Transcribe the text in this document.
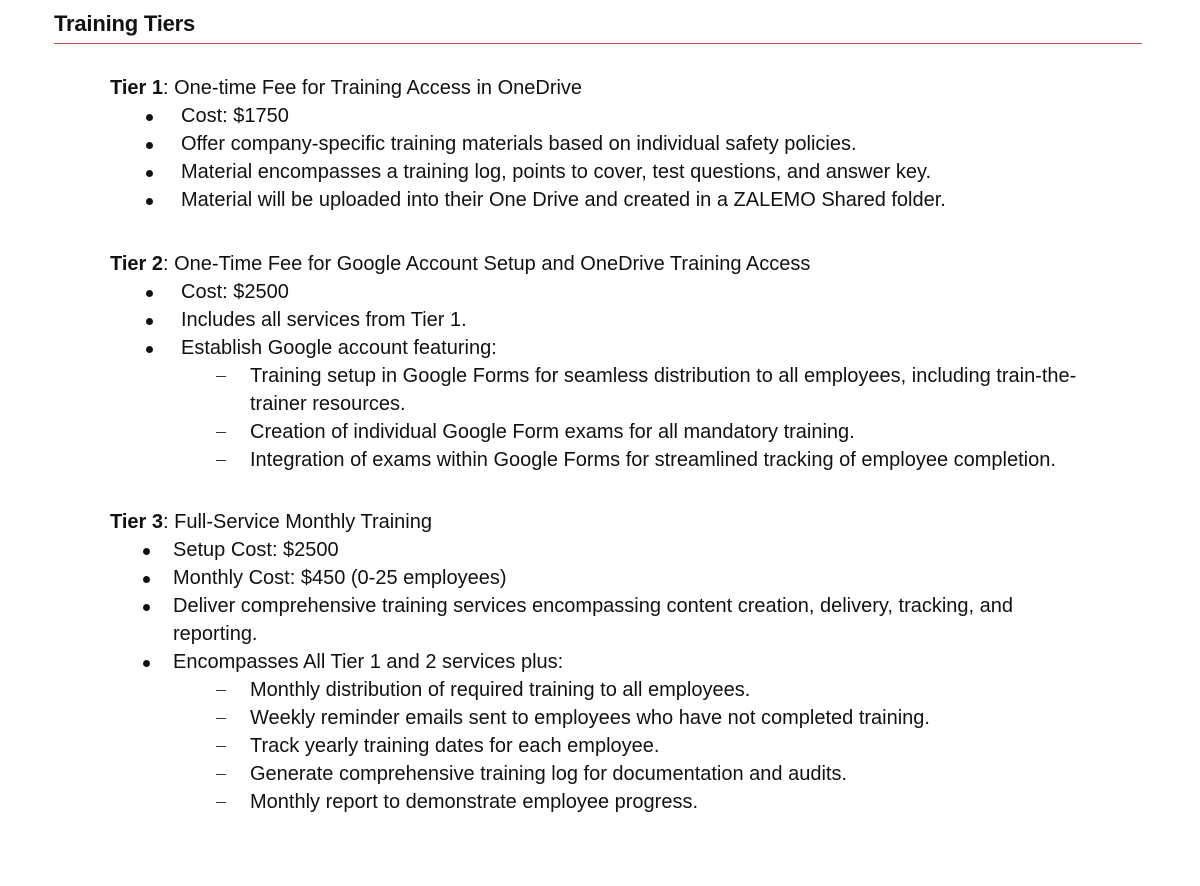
Training Tiers
Tier 1: One-time Fee for Training Access in OneDrive
Cost: $1750
Offer company-specific training materials based on individual safety policies.
Material encompasses a training log, points to cover, test questions, and answer key.
Material will be uploaded into their One Drive and created in a ZALEMO Shared folder.
Tier 2: One-Time Fee for Google Account Setup and OneDrive Training Access
Cost: $2500
Includes all services from Tier 1.
Establish Google account featuring:
Training setup in Google Forms for seamless distribution to all employees, including train-the-
trainer resources.
Creation of individual Google Form exams for all mandatory training.
Integration of exams within Google Forms for streamlined tracking of employee completion.
Tier 3: Full-Service Monthly Training
Setup Cost: $2500
Monthly Cost: $450 (0-25 employees)
Deliver comprehensive training services encompassing content creation, delivery, tracking, and
reporting.
Encompasses All Tier 1 and 2 services plus:
Monthly distribution of required training to all employees.
Weekly reminder emails sent to employees who have not completed training.
Track yearly training dates for each employee.
Generate comprehensive training log for documentation and audits.
Monthly report to demonstrate employee progress.
